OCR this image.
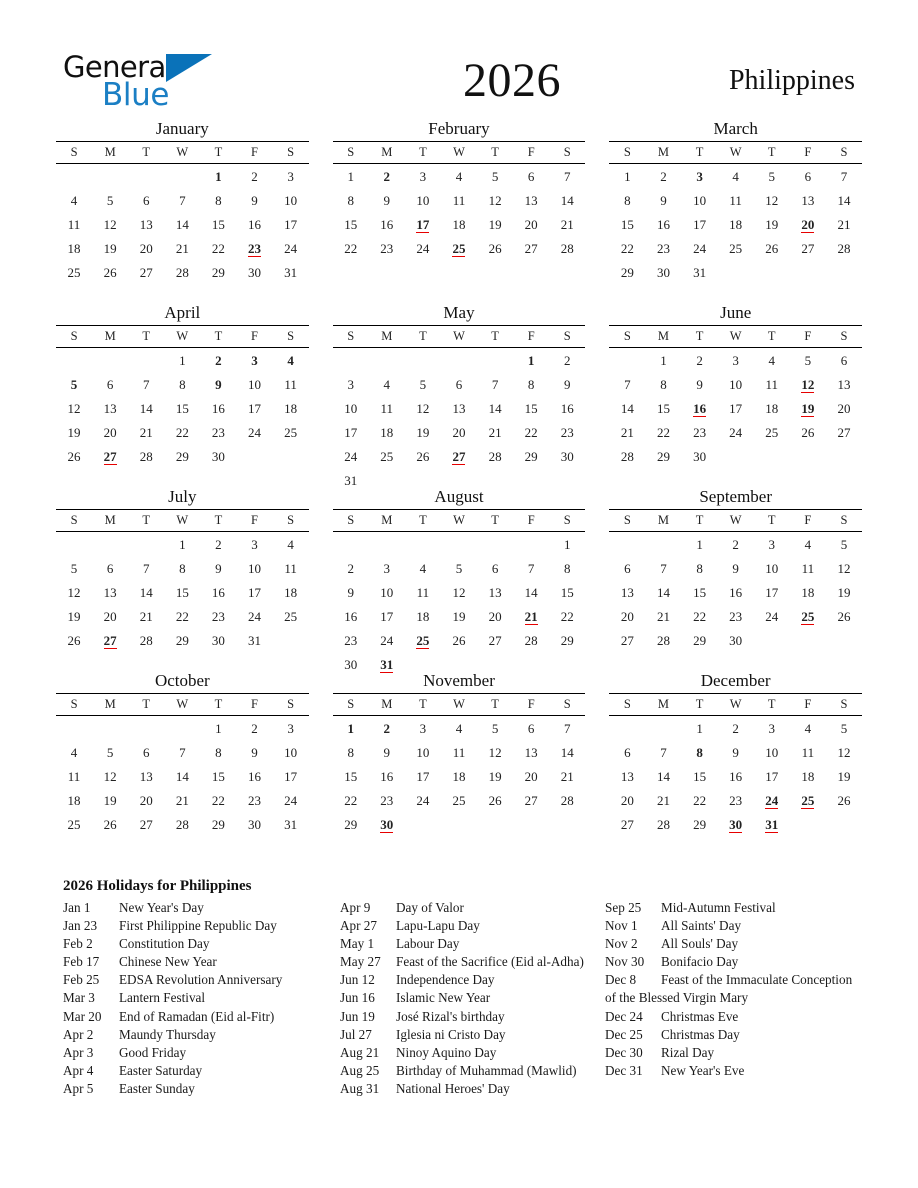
General
Blue	2026	Philippines
January
S	M	T	W	T	F	S
				1	2	3
4	5	6	7	8	9	10
11	12	13	14	15	16	17
18	19	20	21	22	23	24
25	26	27	28	29	30	31

February
S	M	T	W	T	F	S
1	2	3	4	5	6	7
8	9	10	11	12	13	14
15	16	17	18	19	20	21
22	23	24	25	26	27	28

March
S	M	T	W	T	F	S
1	2	3	4	5	6	7
8	9	10	11	12	13	14
15	16	17	18	19	20	21
22	23	24	25	26	27	28
29	30	31				

April
S	M	T	W	T	F	S
			1	2	3	4
5	6	7	8	9	10	11
12	13	14	15	16	17	18
19	20	21	22	23	24	25
26	27	28	29	30		

May
S	M	T	W	T	F	S
					1	2
3	4	5	6	7	8	9
10	11	12	13	14	15	16
17	18	19	20	21	22	23
24	25	26	27	28	29	30
31						
June
S	M	T	W	T	F	S
	1	2	3	4	5	6
7	8	9	10	11	12	13
14	15	16	17	18	19	20
21	22	23	24	25	26	27
28	29	30				

July
S	M	T	W	T	F	S
			1	2	3	4
5	6	7	8	9	10	11
12	13	14	15	16	17	18
19	20	21	22	23	24	25
26	27	28	29	30	31	

August
S	M	T	W	T	F	S
						1
2	3	4	5	6	7	8
9	10	11	12	13	14	15
16	17	18	19	20	21	22
23	24	25	26	27	28	29
30	31					
September
S	M	T	W	T	F	S
		1	2	3	4	5
6	7	8	9	10	11	12
13	14	15	16	17	18	19
20	21	22	23	24	25	26
27	28	29	30			

October
S	M	T	W	T	F	S
				1	2	3
4	5	6	7	8	9	10
11	12	13	14	15	16	17
18	19	20	21	22	23	24
25	26	27	28	29	30	31

November
S	M	T	W	T	F	S
1	2	3	4	5	6	7
8	9	10	11	12	13	14
15	16	17	18	19	20	21
22	23	24	25	26	27	28
29	30					

December
S	M	T	W	T	F	S
		1	2	3	4	5
6	7	8	9	10	11	12
13	14	15	16	17	18	19
20	21	22	23	24	25	26
27	28	29	30	31		

2026 Holidays for Philippines
Jan 1 New Year's Day
Jan 23 First Philippine Republic Day
Feb 2 Constitution Day
Feb 17 Chinese New Year
Feb 25 EDSA Revolution Anniversary
Mar 3 Lantern Festival
Mar 20 End of Ramadan (Eid al-Fitr)
Apr 2 Maundy Thursday
Apr 3 Good Friday
Apr 4 Easter Saturday
Apr 5 Easter Sunday
Apr 9 Day of Valor
Apr 27 Lapu-Lapu Day
May 1 Labour Day
May 27 Feast of the Sacrifice (Eid al-Adha)
Jun 12 Independence Day
Jun 16 Islamic New Year
Jun 19 José Rizal's birthday
Jul 27 Iglesia ni Cristo Day
Aug 21 Ninoy Aquino Day
Aug 25 Birthday of Muhammad (Mawlid)
Aug 31 National Heroes' Day
Sep 25 Mid-Autumn Festival
Nov 1 All Saints' Day
Nov 2 All Souls' Day
Nov 30 Bonifacio Day
Dec 8 Feast of the Immaculate Conception of the Blessed Virgin Mary
Dec 24 Christmas Eve
Dec 25 Christmas Day
Dec 30 Rizal Day
Dec 31 New Year's Eve
